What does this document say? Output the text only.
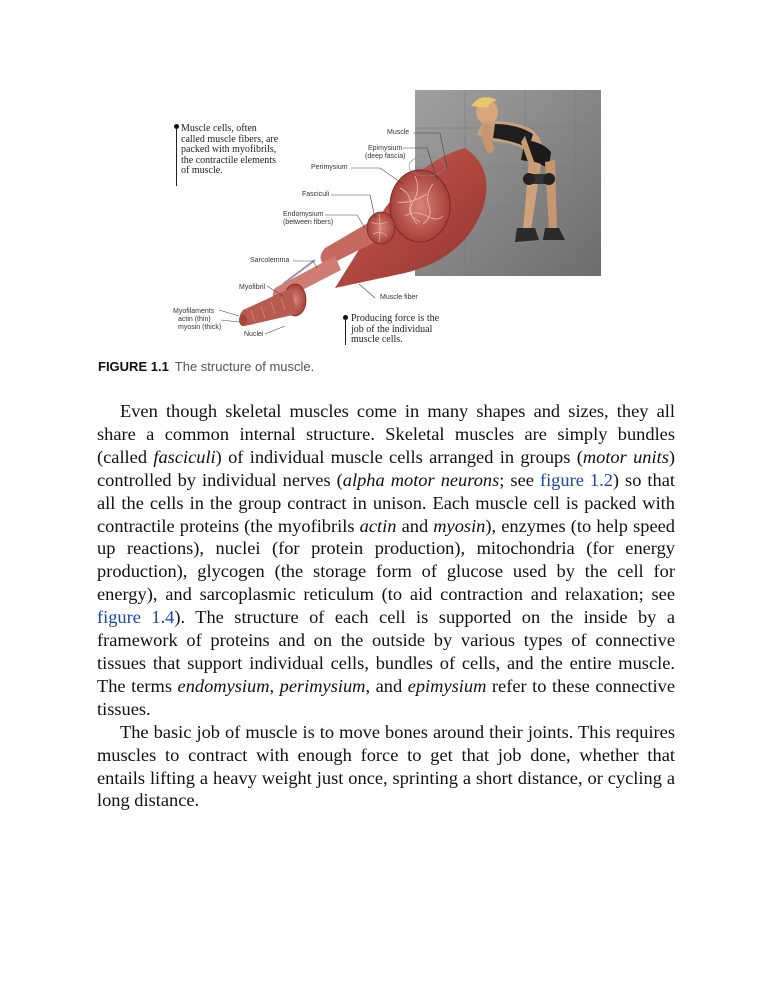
Muscle cells, often called muscle fibers, are packed with myofibrils, the contractile elements of muscle.
Producing force is the job of the individual muscle cells.
Muscle
Epimysium
(deep fascia)
Perimysium
Fasciculi
Endomysium
(between fibers)
Sarcolemma
Myofibril
Muscle fiber
Myofilaments
actin (thin)
myosin (thick)
Nuclei
FIGURE 1.1 The structure of muscle.

Even though skeletal muscles come in many shapes and sizes, they all share a common internal structure. Skeletal muscles are simply bundles (called fasciculi) of individual muscle cells arranged in groups (motor units) controlled by individual nerves (alpha motor neurons; see figure 1.2) so that all the cells in the group contract in unison. Each muscle cell is packed with contractile proteins (the myofibrils actin and myosin), enzymes (to help speed up reactions), nuclei (for protein production), mitochondria (for energy production), glycogen (the storage form of glucose used by the cell for energy), and sarcoplasmic reticulum (to aid contraction and relaxation; see figure 1.4). The structure of each cell is supported on the inside by a framework of proteins and on the outside by various types of connective tissues that support individual cells, bundles of cells, and the entire muscle. The terms endomysium, perimysium, and epimysium refer to these connective tissues.

The basic job of muscle is to move bones around their joints. This requires muscles to contract with enough force to get that job done, whether that entails lifting a heavy weight just once, sprinting a short distance, or cycling a long distance.
